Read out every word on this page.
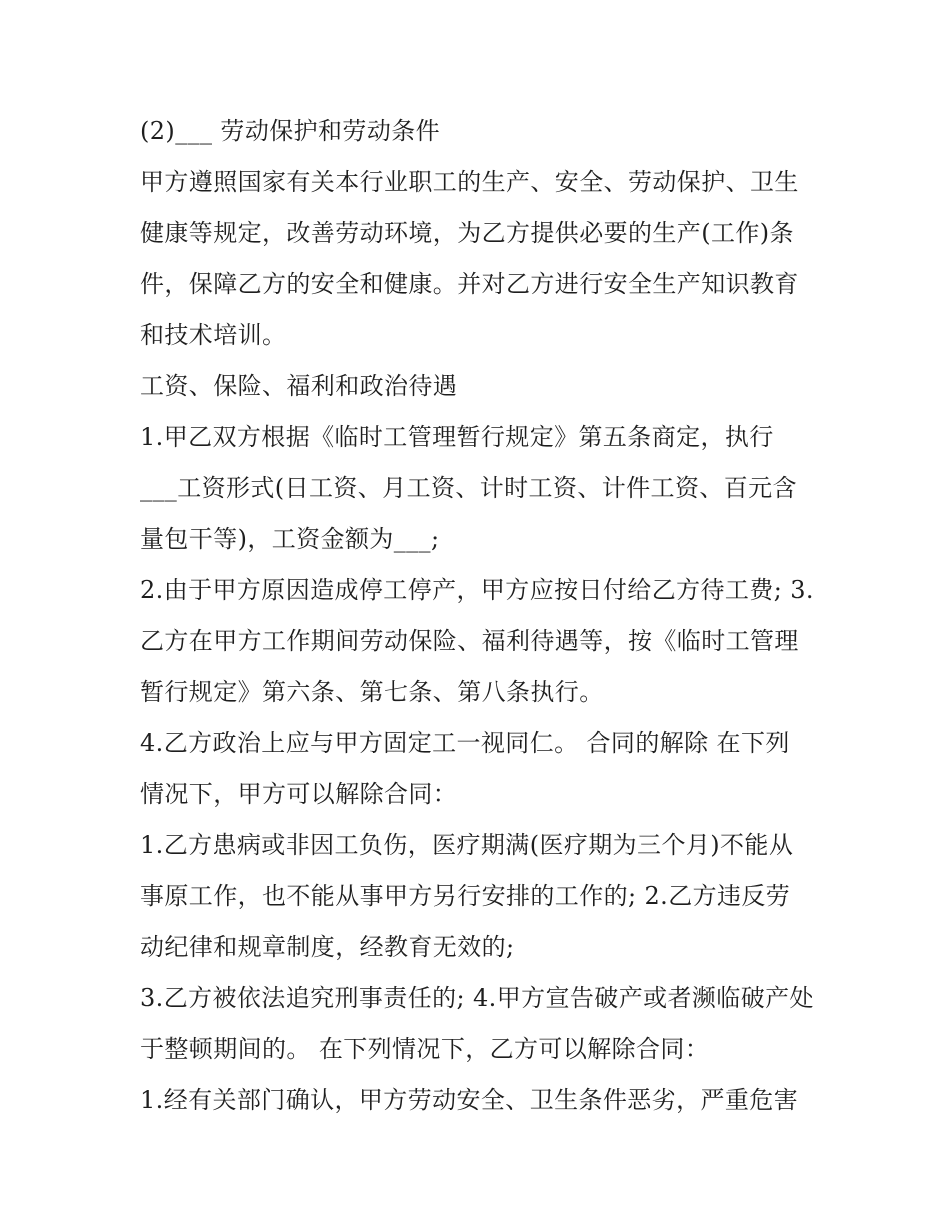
(2)___ 劳动保护和劳动条件
甲方遵照国家有关本行业职工的生产、安全、劳动保护、卫生
健康等规定，改善劳动环境，为乙方提供必要的生产(工作)条
件，保障乙方的安全和健康。并对乙方进行安全生产知识教育
和技术培训。
工资、保险、福利和政治待遇
1.甲乙双方根据《临时工管理暂行规定》第五条商定，执行
___工资形式(日工资、月工资、计时工资、计件工资、百元含
量包干等)，工资金额为___;
2.由于甲方原因造成停工停产，甲方应按日付给乙方待工费; 3.
乙方在甲方工作期间劳动保险、福利待遇等，按《临时工管理
暂行规定》第六条、第七条、第八条执行。
4.乙方政治上应与甲方固定工一视同仁。 合同的解除 在下列
情况下，甲方可以解除合同：
1.乙方患病或非因工负伤，医疗期满(医疗期为三个月)不能从
事原工作，也不能从事甲方另行安排的工作的; 2.乙方违反劳
动纪律和规章制度，经教育无效的;
3.乙方被依法追究刑事责任的; 4.甲方宣告破产或者濒临破产处
于整顿期间的。 在下列情况下，乙方可以解除合同：
1.经有关部门确认，甲方劳动安全、卫生条件恶劣，严重危害
